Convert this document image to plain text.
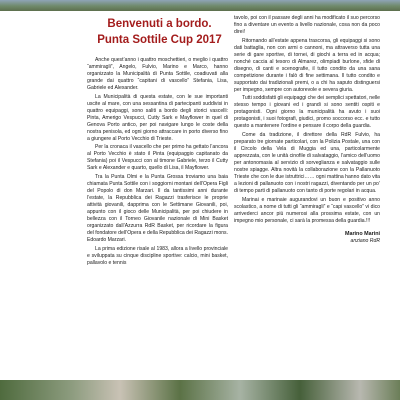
Benvenuti a bordo.
Punta Sottile Cup 2017

Anche quest’anno i quattro moschettieri, o meglio i quattro “ammiragli”, Angelo, Fulvio, Marino e Marco, hanno organizzato la Municipalità di Punta Sottile, coadiuvati alla grande dai quattro “capitani di vascello” Stefania, Lisa, Gabriele ed Alexander.

La Municipalità di questa estate, con le sue importanti uscite al mare, con una sessantina di partecipanti suddivisi in quattro equipaggi, sono saliti a bordo degli storici vascelli: Pinta, Amerigo Vespucci, Cutty Sark e Mayflower in quel di Genova Porto antico, per poi navigare lungo le coste della nostra penisola, ed ogni giorno attraccare in porto diverso fino a giungere al Porto Vecchio di Trieste.

Per la cronaca il vascello che per primo ha gettato l’ancora al Porto Vecchio è stato il Pinta (equipaggio capitanato da Stefania) poi il Vespucci con al timone Gabriele, terzo il Cutty Sark e Alexander e quarto, quello di Lisa, il Mayflower.

Tra la Punta Olmi e la Punta Grossa troviamo una baia chiamata Punta Sottile con i soggiorni montani dell’Opera Figli del Popolo di don Marzari. Il da tantissimi anni durante l’estate, la Repubblica dei Ragazzi trasferisce le proprie attività giovanili, dapprima con le Settimane Giovanili, poi, appunto con il gioco delle Municipalità, per poi chiudere in bellezza con il Torneo Giovanile nazionale di Mini Basket organizzato dall’Azzurra RdR Basket, per ricordare la figura del fondatore dell’Opera e della Repubblica dei Ragazzi mons. Edoardo Marzari.

La prima edizione risale al 1983, allora a livello provinciale e sviluppata su cinque discipline sportive: calcio, mini basket, pallavolo e tennis

tavolo, poi con il passare degli anni ha modificato il suo percorso fino a diventare un evento a livello nazionale, cosa non da poco direi!

Ritornando all’estate appena trascorsa, gli equipaggi si sono dati battaglia, non con armi o cannoni, ma attraverso tutta una serie di gare sportive, di tornei, di giochi a terra ed in acqua; nonché caccia al tesoro di Almarez, olimpiadi burlone, sfide di disegno, di canti e scenografie, il tutto condito da una sana competizione durante i falò di fine settimana. Il tutto condito e supportato dai tradizionali premi, o a chi ha saputo distinguersi per impegno, sempre con autorevole e severa giuria.

Tutti soddisfatti gli equipaggi che dei semplici spettatori, nelle stesso tempo i giovani ed i grandi si sono sentiti ospiti e protagonisti. Ogni giorno la municipalità ha avuto i suoi protagonisti, i suoi fotografi, giudici, promo soccorso ecc. e tutto questo a mantenere l’ordine e pensare il corpo della guardia.

Come da tradizione, il direttore della RdR Fulvio, ha preparato tre giornate particolari, con la Polizia Postale, una con il Circolo della Vela di Muggia ed una, particolarmente apprezzata, con le unità cinofile di salvataggio, l’amico dell’uomo per antonomasia al servizio di sorveglianza e salvataggio sulle nostre spiagge. Altra novità la collaborazione con la Pallanuoto Trieste che con le due istruttrici…… ogni mattina hanno dato vita a lezioni di pallanuoto con i nostri ragazzi, diventando per un po’ di tempo parti di pallanuoto con tanto di porte regolari in acqua.

Marinai e marinaie augurandovi un buon e positivo anno scolastico, a nome di tutti gli “ammiragli” e “capi vascello” vi dico arrivederci ancor più numerosi alla prossima estate, con un impegno mio personale, ci sarà la promessa della guardia.!!!

Marino Marini
anziano RdR
